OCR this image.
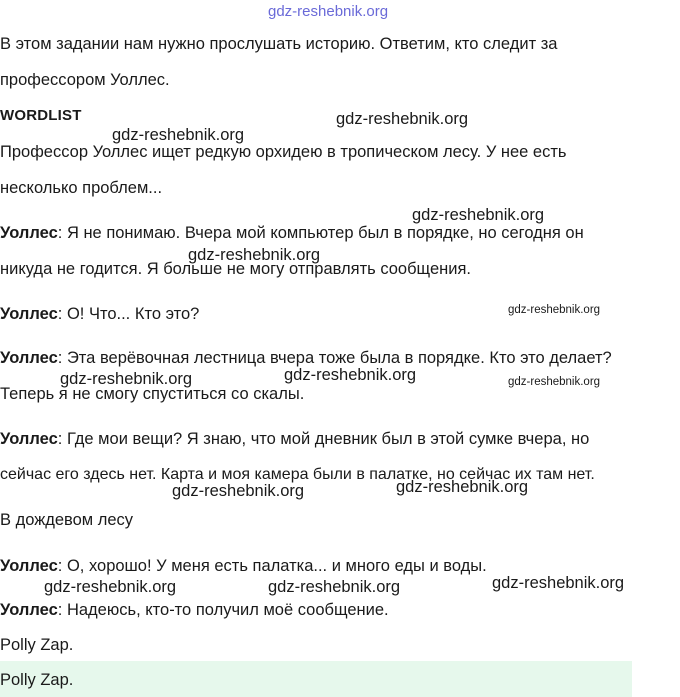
gdz-reshebnik.org
В этом задании нам нужно прослушать историю. Ответим, кто следит за
профессором Уоллес.
WORDLIST
Профессор Уоллес ищет редкую орхидею в тропическом лесу. У нее есть
несколько проблем...
Уоллес: Я не понимаю. Вчера мой компьютер был в порядке, но сегодня он
никуда не годится. Я больше не могу отправлять сообщения.
Уоллес: О! Что... Кто это?
Уоллес: Эта верёвочная лестница вчера тоже была в порядке. Кто это делает?
Теперь я не смогу спуститься со скалы.
Уоллес: Где мои вещи? Я знаю, что мой дневник был в этой сумке вчера, но
сейчас его здесь нет. Карта и моя камера были в палатке, но сейчас их там нет.
В дождевом лесу
Уоллес: О, хорошо! У меня есть палатка... и много еды и воды.
Уоллес: Надеюсь, кто-то получил моё сообщение.
Polly Zap.
Polly Zap.
gdz-reshebnik.org
gdz-reshebnik.org
gdz-reshebnik.org
gdz-reshebnik.org
gdz-reshebnik.org
gdz-reshebnik.org	gdz-reshebnik.org	gdz-reshebnik.org
gdz-reshebnik.org	gdz-reshebnik.org
gdz-reshebnik.org	gdz-reshebnik.org	gdz-reshebnik.org
